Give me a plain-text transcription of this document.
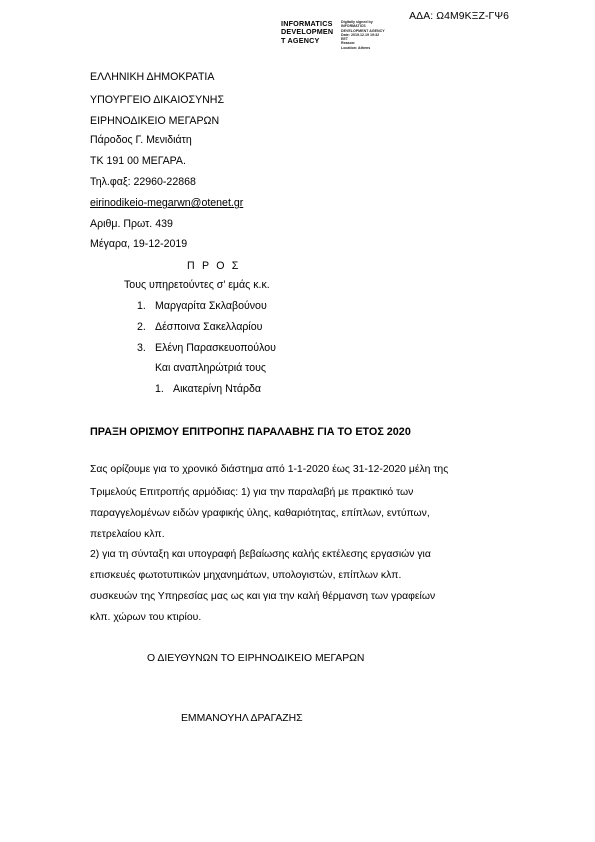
ΑΔΑ: Ω4Μ9ΚΞΖ-ΓΨ6
INFORMATICS
DEVELOPMEN
T AGENCY
Digitally signed by
INFORMATICS
DEVELOPMENT AGENCY
Date: 2019.12.19 19:32
EET
Reason:
Location: Athens
ΕΛΛΗΝΙΚΗ ΔΗΜΟΚΡΑΤΙΑ
ΥΠΟΥΡΓΕΙΟ ΔΙΚΑΙΟΣΥΝΗΣ
ΕΙΡΗΝΟΔΙΚΕΙΟ ΜΕΓΑΡΩΝ
Πάροδος Γ. Μενιδιάτη
ΤΚ 191 00 ΜΕΓΑΡΑ.
Τηλ.φαξ: 22960-22868
eirinodikeio-megarwn@otenet.gr
Αριθμ. Πρωτ. 439
Μέγαρα, 19-12-2019
Π Ρ Ο Σ
Τους υπηρετούντες σ’ εμάς κ.κ.
1. Μαργαρίτα Σκλαβούνου
2. Δέσποινα Σακελλαρίου
3. Ελένη Παρασκευοπούλου
Και αναπληρώτριά τους
1. Αικατερίνη Ντάρδα
ΠΡΑΞΗ ΟΡΙΣΜΟΥ ΕΠΙΤΡΟΠΗΣ ΠΑΡΑΛΑΒΗΣ ΓΙΑ ΤΟ ΕΤΟΣ 2020
Σας ορίζουμε για το χρονικό διάστημα από 1-1-2020 έως 31-12-2020 μέλη της
Τριμελούς Επιτροπής αρμόδιας: 1) για την παραλαβή με πρακτικό των
παραγγελομένων ειδών γραφικής ύλης, καθαριότητας, επίπλων, εντύπων,
πετρελαίου κλπ.
2) για τη σύνταξη και υπογραφή βεβαίωσης καλής εκτέλεσης εργασιών για
επισκευές φωτοτυπικών μηχανημάτων, υπολογιστών, επίπλων κλπ.
συσκευών της Υπηρεσίας μας ως και για την καλή θέρμανση των γραφείων
κλπ. χώρων του κτιρίου.
Ο ΔΙΕΥΘΥΝΩΝ ΤΟ ΕΙΡΗΝΟΔΙΚΕΙΟ ΜΕΓΑΡΩΝ
ΕΜΜΑΝΟΥΗΛ ΔΡΑΓΑΖΗΣ
